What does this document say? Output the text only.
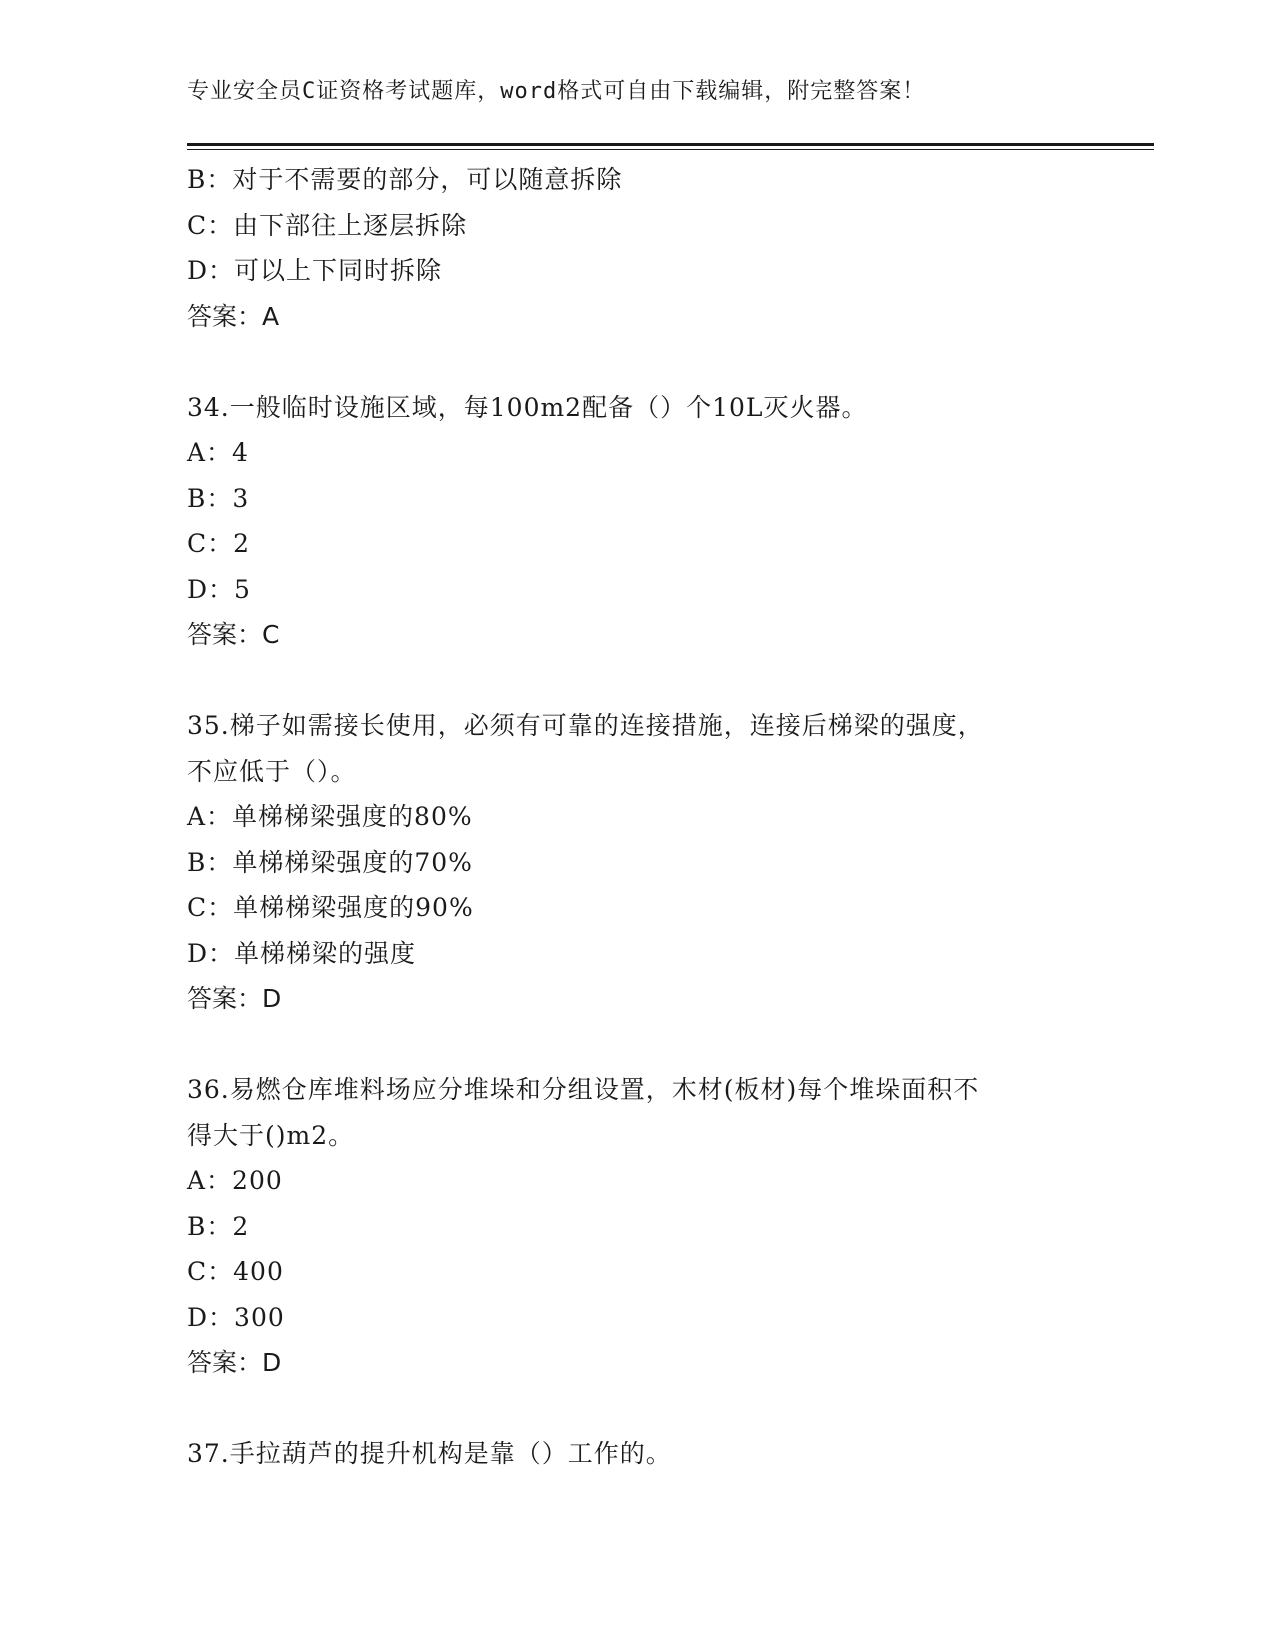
专业安全员C证资格考试题库，word格式可自由下载编辑，附完整答案！
B：对于不需要的部分，可以随意拆除
C：由下部往上逐层拆除
D：可以上下同时拆除
答案：A
34.一般临时设施区域，每100m2配备（）个10L灭火器。
A：4
B：3
C：2
D：5
答案：C
35.梯子如需接长使用，必须有可靠的连接措施，连接后梯梁的强度，
不应低于（）。
A：单梯梯梁强度的80%
B：单梯梯梁强度的70%
C：单梯梯梁强度的90%
D：单梯梯梁的强度
答案：D
36.易燃仓库堆料场应分堆垛和分组设置，木材(板材)每个堆垛面积不
得大于()m2。
A：200
B：2
C：400
D：300
答案：D
37.手拉葫芦的提升机构是靠（）工作的。
